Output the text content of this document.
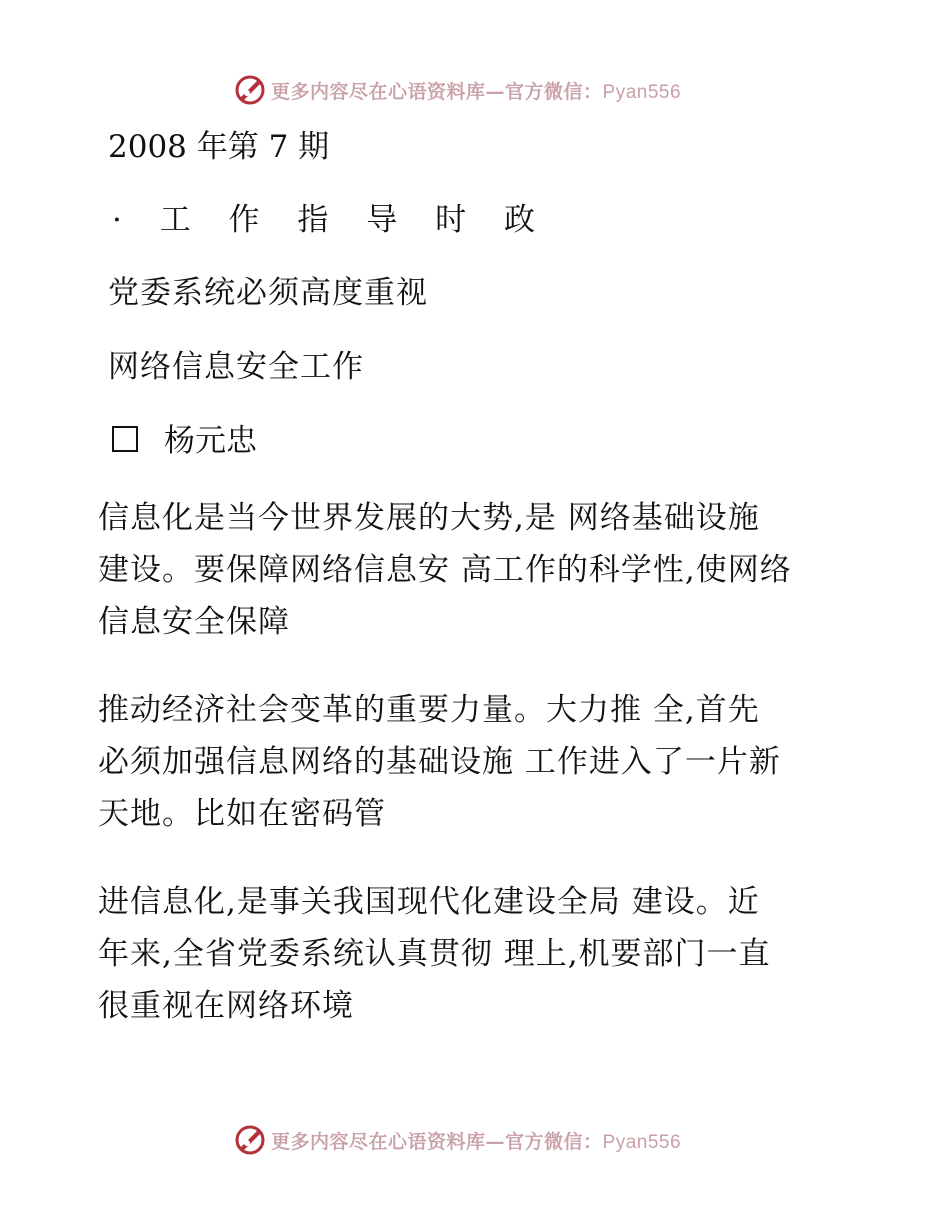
更多内容尽在心语资料库—官方微信：Pyan556
2008 年第 7 期
· 工 作 指 导 时 政
党委系统必须高度重视
网络信息安全工作
杨元忠
信息化是当今世界发展的大势,是 网络基础设施
建设。要保障网络信息安 高工作的科学性,使网络
信息安全保障
推动经济社会变革的重要力量。大力推 全,首先
必须加强信息网络的基础设施 工作进入了一片新
天地。比如在密码管
进信息化,是事关我国现代化建设全局 建设。近
年来,全省党委系统认真贯彻 理上,机要部门一直
很重视在网络环境
更多内容尽在心语资料库—官方微信：Pyan556
